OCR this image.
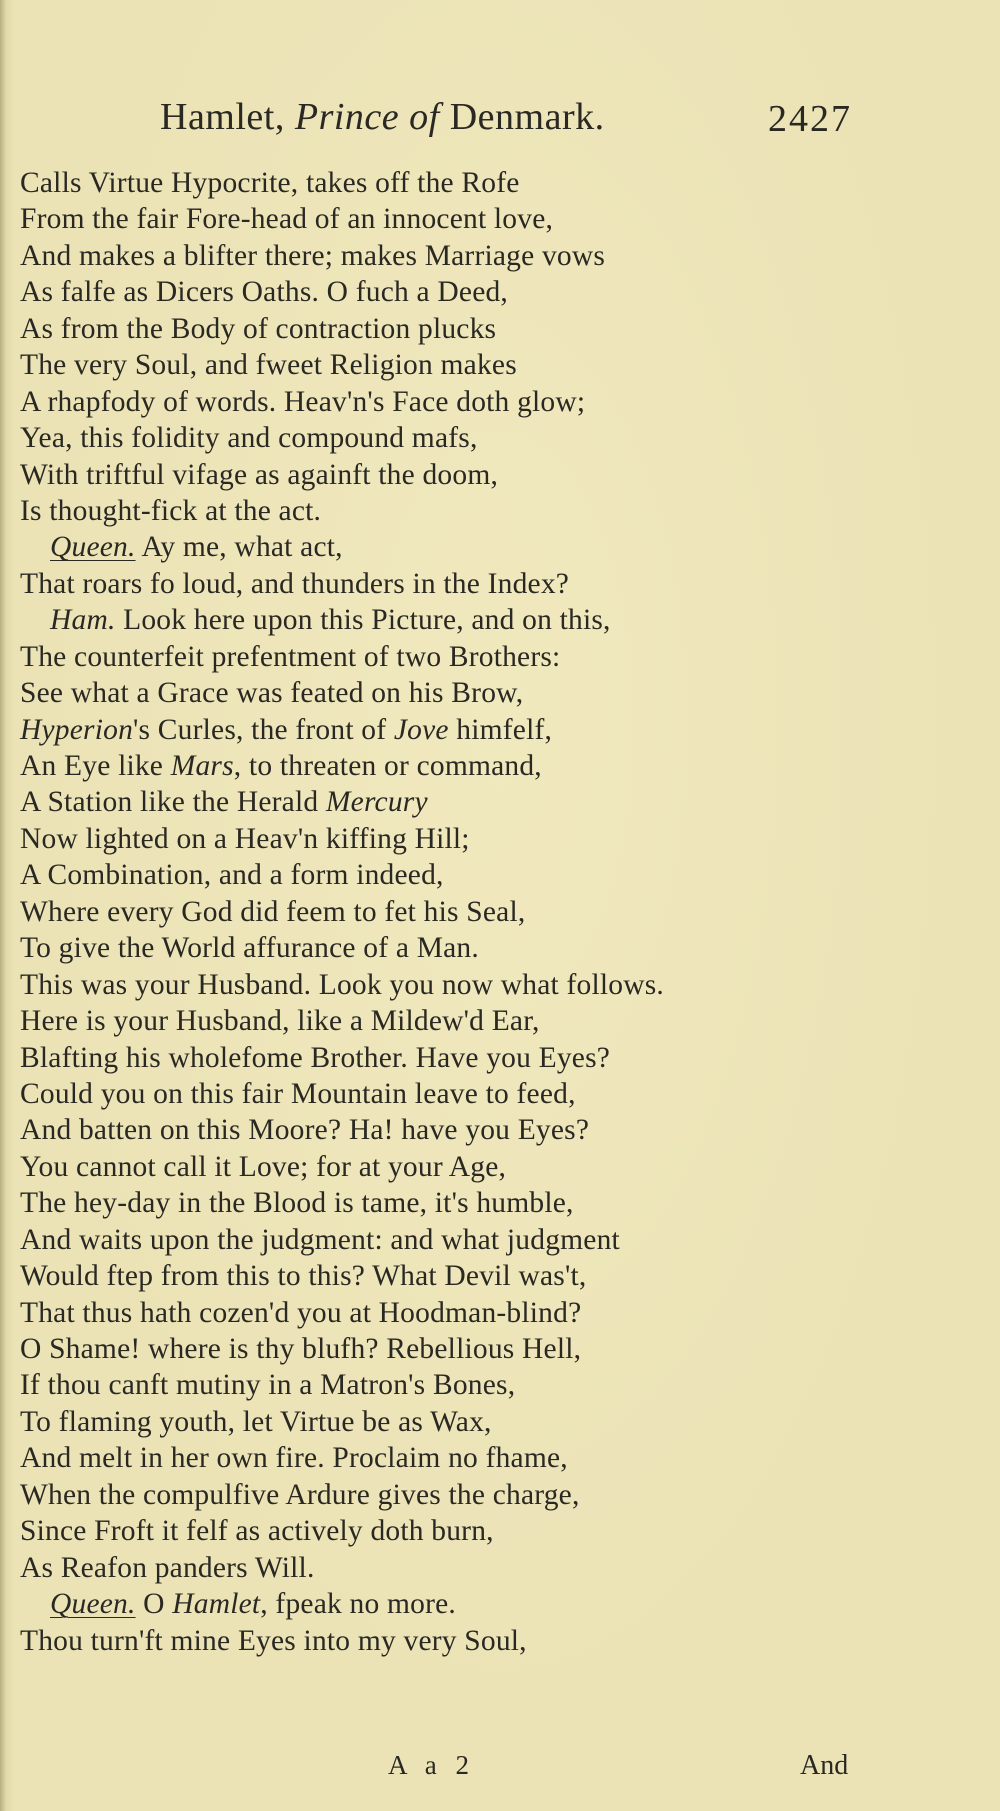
Hamlet, Prince of Denmark.	2427
Calls Virtue Hypocrite, takes off the Rofe
From the fair Fore-head of an innocent love,
And makes a blifter there; makes Marriage vows
As falfe as Dicers Oaths. O fuch a Deed,
As from the Body of contraction plucks
The very Soul, and fweet Religion makes
A rhapfody of words. Heav'n's Face doth glow;
Yea, this folidity and compound mafs,
With triftful vifage as againft the doom,
Is thought-fick at the act.
Queen. Ay me, what act,
That roars fo loud, and thunders in the Index?
Ham. Look here upon this Picture, and on this,
The counterfeit prefentment of two Brothers:
See what a Grace was feated on his Brow,
Hyperion's Curles, the front of Jove himfelf,
An Eye like Mars, to threaten or command,
A Station like the Herald Mercury
Now lighted on a Heav'n kiffing Hill;
A Combination, and a form indeed,
Where every God did feem to fet his Seal,
To give the World affurance of a Man.
This was your Husband. Look you now what follows.
Here is your Husband, like a Mildew'd Ear,
Blafting his wholefome Brother. Have you Eyes?
Could you on this fair Mountain leave to feed,
And batten on this Moore? Ha! have you Eyes?
You cannot call it Love; for at your Age,
The hey-day in the Blood is tame, it's humble,
And waits upon the judgment: and what judgment
Would ftep from this to this? What Devil was't,
That thus hath cozen'd you at Hoodman-blind?
O Shame! where is thy blufh? Rebellious Hell,
If thou canft mutiny in a Matron's Bones,
To flaming youth, let Virtue be as Wax,
And melt in her own fire. Proclaim no fhame,
When the compulfive Ardure gives the charge,
Since Froft it felf as actively doth burn,
As Reafon panders Will.
Queen. O Hamlet, fpeak no more.
Thou turn'ft mine Eyes into my very Soul,
A a 2	And
